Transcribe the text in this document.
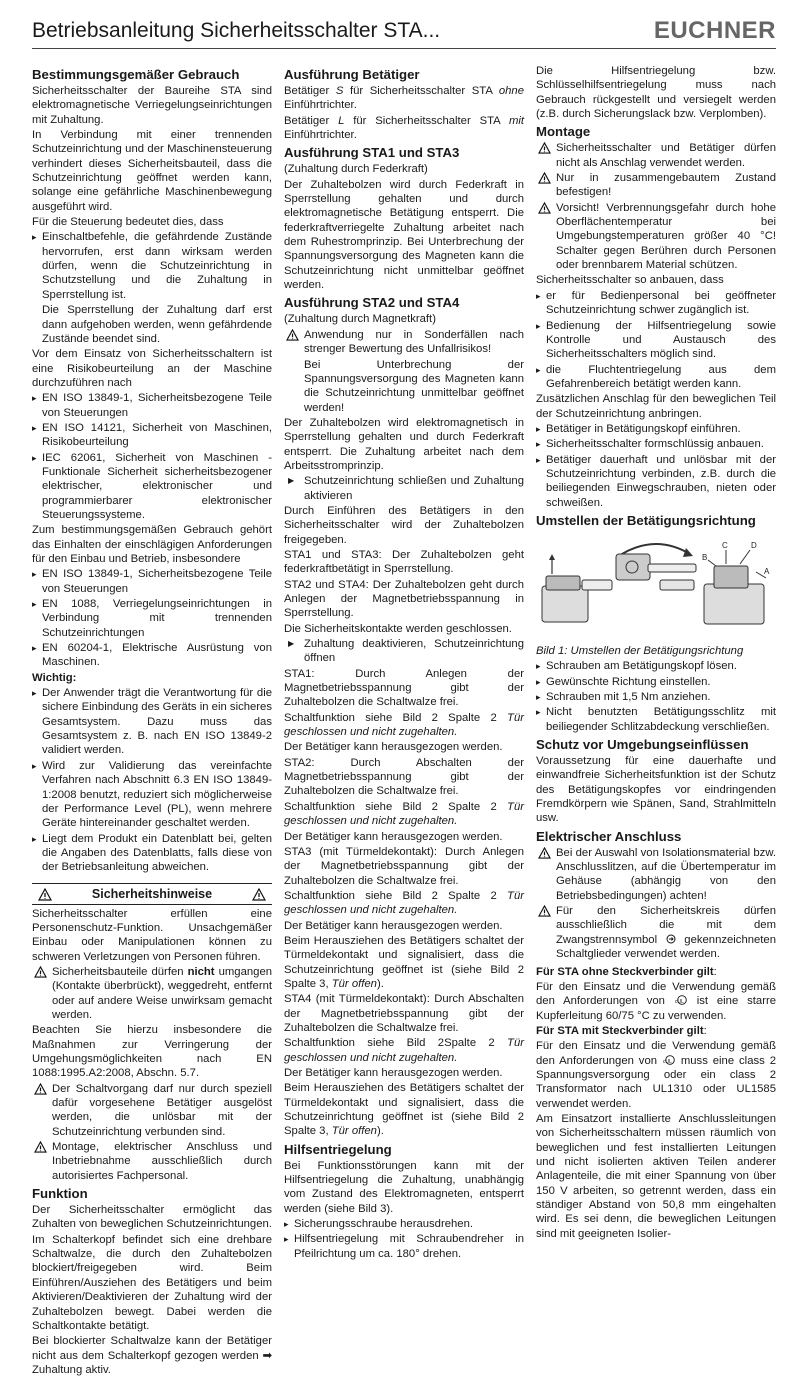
Betriebsanleitung Sicherheitsschalter STA...	EUCHNER
Bestimmungsgemäßer Gebrauch

Sicherheitsschalter der Baureihe STA sind elektromagnetische Verriegelungseinrichtungen mit Zuhaltung.

In Verbindung mit einer trennenden Schutzeinrichtung und der Maschinensteuerung verhindert dieses Sicherheitsbauteil, dass die Schutzeinrichtung geöffnet werden kann, solange eine gefährliche Maschinenbewegung ausgeführt wird.

Für die Steuerung bedeutet dies, dass

▸ Einschaltbefehle, die gefährdende Zustände hervorrufen, erst dann wirksam werden dürfen, wenn die Schutzeinrichtung in Schutzstellung und die Zuhaltung in Sperrstellung ist.

Die Sperrstellung der Zuhaltung darf erst dann aufgehoben werden, wenn gefährdende Zustände beendet sind.

Vor dem Einsatz von Sicherheitsschaltern ist eine Risikobeurteilung an der Maschine durchzuführen nach

▸ EN ISO 13849-1, Sicherheitsbezogene Teile von Steuerungen

▸ EN ISO 14121, Sicherheit von Maschinen, Risikobeurteilung

▸ IEC 62061, Sicherheit von Maschinen - Funktionale Sicherheit sicherheitsbezogener elektrischer, elektronischer und programmierbarer elektronischer Steuerungssysteme.

Zum bestimmungsgemäßen Gebrauch gehört das Einhalten der einschlägigen Anforderungen für den Einbau und Betrieb, insbesondere

▸ EN ISO 13849-1, Sicherheitsbezogene Teile von Steuerungen

▸ EN 1088, Verriegelungseinrichtungen in Verbindung mit trennenden Schutzeinrichtungen

▸ EN 60204-1, Elektrische Ausrüstung von Maschinen.

Wichtig:

▸ Der Anwender trägt die Verantwortung für die sichere Einbindung des Geräts in ein sicheres Gesamtsystem. Dazu muss das Gesamtsystem z. B. nach EN ISO 13849-2 validiert werden.

▸ Wird zur Validierung das vereinfachte Verfahren nach Abschnitt 6.3 EN ISO 13849-1:2008 benutzt, reduziert sich möglicherweise der Performance Level (PL), wenn mehrere Geräte hintereinander geschaltet werden.

▸ Liegt dem Produkt ein Datenblatt bei, gelten die Angaben des Datenblatts, falls diese von der Betriebsanleitung abweichen.

Sicherheitshinweise

Sicherheitsschalter erfüllen eine Personenschutz-Funktion. Unsachgemäßer Einbau oder Manipulationen können zu schweren Verletzungen von Personen führen.

Sicherheitsbauteile dürfen nicht umgangen (Kontakte überbrückt), weggedreht, entfernt oder auf andere Weise unwirksam gemacht werden.

Beachten Sie hierzu insbesondere die Maßnahmen zur Verringerung der Umgehungsmöglichkeiten nach EN 1088:1995.A2:2008, Abschn. 5.7.

Der Schaltvorgang darf nur durch speziell dafür vorgesehene Betätiger ausgelöst werden, die unlösbar mit der Schutzeinrichtung verbunden sind.

Montage, elektrischer Anschluss und Inbetriebnahme ausschließlich durch autorisiertes Fachpersonal.

Funktion

Der Sicherheitsschalter ermöglicht das Zuhalten von beweglichen Schutzeinrichtungen.

Im Schalterkopf befindet sich eine drehbare Schaltwalze, die durch den Zuhaltebolzen blockiert/freigegeben wird. Beim Einführen/Ausziehen des Betätigers und beim Aktivieren/Deaktivieren der Zuhaltung wird der Zuhaltebolzen bewegt. Dabei werden die Schaltkontakte betätigt.

Bei blockierter Schaltwalze kann der Betätiger nicht aus dem Schalterkopf gezogen werden ➡ Zuhaltung aktiv.

Ausführung Betätiger

Betätiger S für Sicherheitsschalter STA ohne Einführtrichter.

Betätiger L für Sicherheitsschalter STA mit Einführtrichter.

Ausführung STA1 und STA3

(Zuhaltung durch Federkraft)

Der Zuhaltebolzen wird durch Federkraft in Sperrstellung gehalten und durch elektromagnetische Betätigung entsperrt. Die federkraftverriegelte Zuhaltung arbeitet nach dem Ruhestromprinzip. Bei Unterbrechung der Spannungsversorgung des Magneten kann die Schutzeinrichtung nicht unmittelbar geöffnet werden.

Ausführung STA2 und STA4

(Zuhaltung durch Magnetkraft)

Anwendung nur in Sonderfällen nach strenger Bewertung des Unfallrisikos!

Bei Unterbrechung der Spannungsversorgung des Magneten kann die Schutzeinrichtung unmittelbar geöffnet werden!

Der Zuhaltebolzen wird elektromagnetisch in Sperrstellung gehalten und durch Federkraft entsperrt. Die Zuhaltung arbeitet nach dem Arbeitsstromprinzip.

▶ Schutzeinrichtung schließen und Zuhaltung aktivieren

Durch Einführen des Betätigers in den Sicherheitsschalter wird der Zuhaltebolzen freigegeben.

STA1 und STA3: Der Zuhaltebolzen geht federkraftbetätigt in Sperrstellung.

STA2 und STA4: Der Zuhaltebolzen geht durch Anlegen der Magnetbetriebsspannung in Sperrstellung.

Die Sicherheitskontakte werden geschlossen.

▶ Zuhaltung deaktivieren, Schutzeinrichtung öffnen

STA1: Durch Anlegen der Magnetbetriebsspannung gibt der Zuhaltebolzen die Schaltwalze frei.

Schaltfunktion siehe Bild 2 Spalte 2 Tür geschlossen und nicht zugehalten.

Der Betätiger kann herausgezogen werden.

STA2: Durch Abschalten der Magnetbetriebsspannung gibt der Zuhaltebolzen die Schaltwalze frei.

Schaltfunktion siehe Bild 2 Spalte 2 Tür geschlossen und nicht zugehalten.

Der Betätiger kann herausgezogen werden.

STA3 (mit Türmeldekontakt): Durch Anlegen der Magnetbetriebsspannung gibt der Zuhaltebolzen die Schaltwalze frei.

Schaltfunktion siehe Bild 2 Spalte 2 Tür geschlossen und nicht zugehalten.

Der Betätiger kann herausgezogen werden.

Beim Herausziehen des Betätigers schaltet der Türmeldekontakt und signalisiert, dass die Schutzeinrichtung geöffnet ist (siehe Bild 2 Spalte 3, Tür offen).

STA4 (mit Türmeldekontakt): Durch Abschalten der Magnetbetriebsspannung gibt der Zuhaltebolzen die Schaltwalze frei.

Schaltfunktion siehe Bild 2Spalte 2 Tür geschlossen und nicht zugehalten.

Der Betätiger kann herausgezogen werden.

Beim Herausziehen des Betätigers schaltet der Türmeldekontakt und signalisiert, dass die Schutzeinrichtung geöffnet ist (siehe Bild 2 Spalte 3, Tür offen).

Hilfsentriegelung

Bei Funktionsstörungen kann mit der Hilfsentriegelung die Zuhaltung, unabhängig vom Zustand des Elektromagneten, entsperrt werden (siehe Bild 3).

▸ Sicherungsschraube herausdrehen.

▸ Hilfsentriegelung mit Schraubendreher in Pfeilrichtung um ca. 180° drehen.

Die Hilfsentriegelung bzw. Schlüsselhilfsentriegelung muss nach Gebrauch rückgestellt und versiegelt werden (z.B. durch Sicherungslack bzw. Verplomben).

Montage

Sicherheitsschalter und Betätiger dürfen nicht als Anschlag verwendet werden.

Nur in zusammengebautem Zustand befestigen!

Vorsicht! Verbrennungsgefahr durch hohe Oberflächentemperatur bei Umgebungstemperaturen größer 40 °C! Schalter gegen Berühren durch Personen oder brennbarem Material schützen.

Sicherheitsschalter so anbauen, dass

▸ er für Bedienpersonal bei geöffneter Schutzeinrichtung schwer zugänglich ist.

▸ Bedienung der Hilfsentriegelung sowie Kontrolle und Austausch des Sicherheitsschalters möglich sind.

▸ die Fluchtentriegelung aus dem Gefahrenbereich betätigt werden kann.

Zusätzlichen Anschlag für den beweglichen Teil der Schutzeinrichtung anbringen.

▸ Betätiger in Betätigungskopf einführen.

▸ Sicherheitsschalter formschlüssig anbauen.

▸ Betätiger dauerhaft und unlösbar mit der Schutzeinrichtung verbinden, z.B. durch die beiliegenden Einwegschrauben, nieten oder schweißen.

Umstellen der Betätigungsrichtung
C	D
B
A

Bild 1: Umstellen der Betätigungsrichtung

▸ Schrauben am Betätigungskopf lösen.

▸ Gewünschte Richtung einstellen.

▸ Schrauben mit 1,5 Nm anziehen.

▸ Nicht benutzten Betätigungsschlitz mit beiliegender Schlitzabdeckung verschließen.

Schutz vor Umgebungseinflüssen

Voraussetzung für eine dauerhafte und einwandfreie Sicherheitsfunktion ist der Schutz des Betätigungskopfes vor eindringenden Fremdkörpern wie Spänen, Sand, Strahlmitteln usw.

Elektrischer Anschluss

Bei der Auswahl von Isolationsmaterial bzw. Anschlusslitzen, auf die Übertemperatur im Gehäuse (abhängig von den Betriebsbedingungen) achten!

Für den Sicherheitskreis dürfen ausschließlich die mit dem Zwangstrennsymbol  gekennzeichneten Schaltglieder verwendet werden.

Für STA ohne Steckverbinder gilt:

Für den Einsatz und die Verwendung gemäß den Anforderungen von cUL ist eine starre Kupferleitung 60/75 °C zu verwenden.

Für STA mit Steckverbinder gilt:

Für den Einsatz und die Verwendung gemäß den Anforderungen von cUL muss eine class 2 Spannungsversorgung oder ein class 2 Transformator nach UL1310 oder UL1585 verwendet werden.

Am Einsatzort installierte Anschlussleitungen von Sicherheitsschaltern müssen räumlich von beweglichen und fest installierten Leitungen und nicht isolierten aktiven Teilen anderer Anlagenteile, die mit einer Spannung von über 150 V arbeiten, so getrennt werden, dass ein ständiger Abstand von 50,8 mm eingehalten wird. Es sei denn, die beweglichen Leitungen sind mit geeigneten Isolier-
